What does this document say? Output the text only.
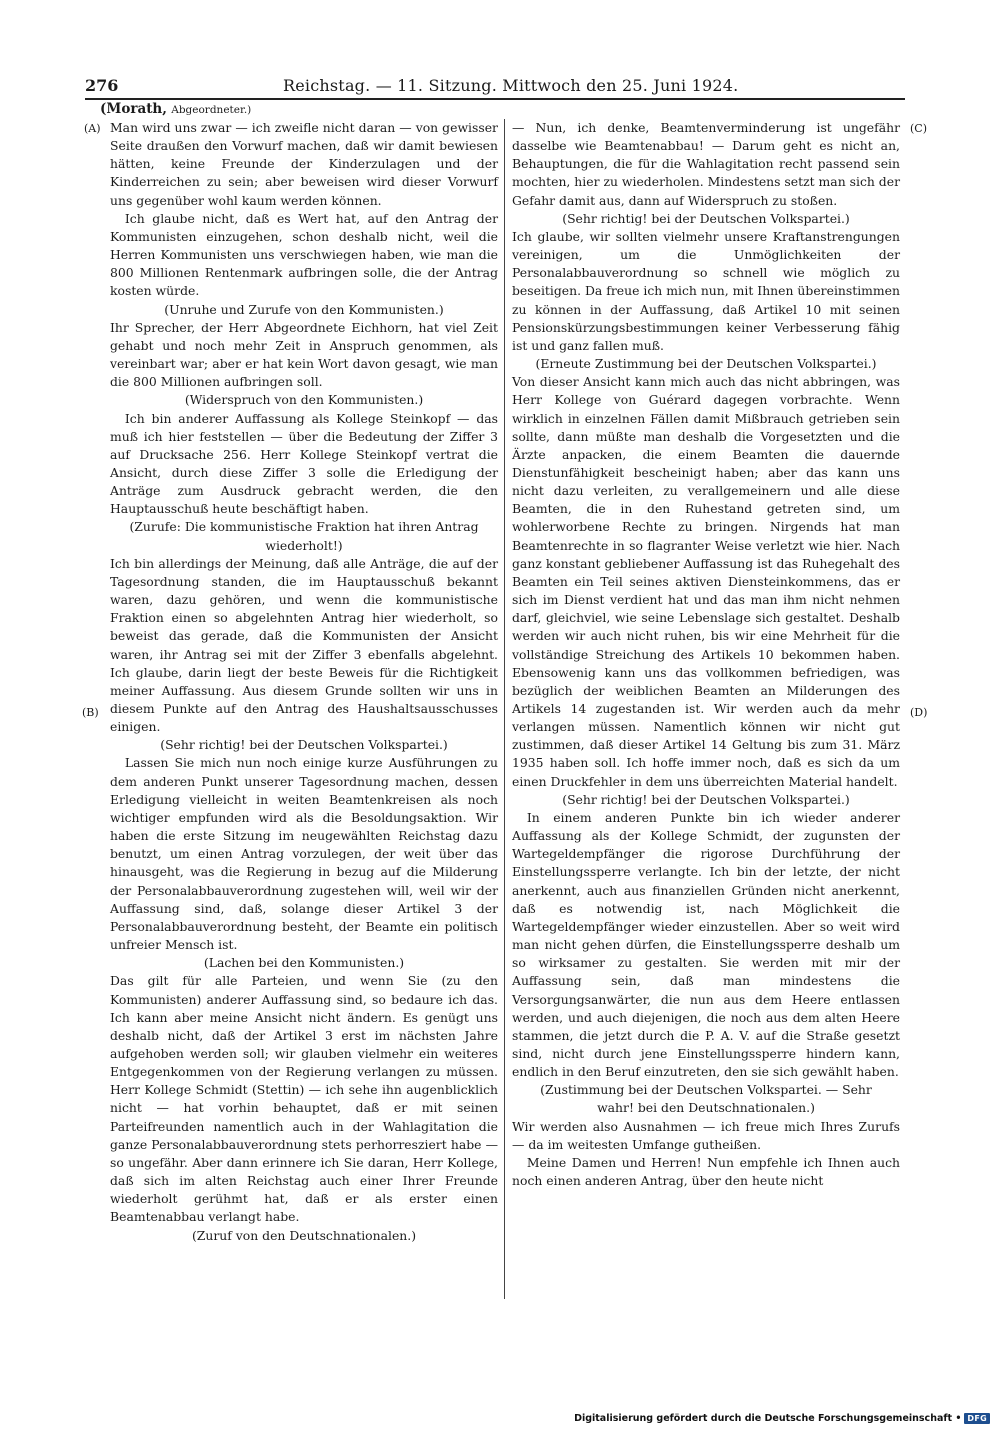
276	Reichstag. — 11. Sitzung. Mittwoch den 25. Juni 1924.
(Morath, Abgeordneter.)
(A)
(B)
(C)
(D)

Man wird uns zwar — ich zweifle nicht daran — von gewisser Seite draußen den Vorwurf machen, daß wir damit bewiesen hätten, keine Freunde der Kinderzulagen und der Kinderreichen zu sein; aber beweisen wird dieser Vorwurf uns gegenüber wohl kaum werden können.

Ich glaube nicht, daß es Wert hat, auf den Antrag der Kommunisten einzugehen, schon deshalb nicht, weil die Herren Kommunisten uns verschwiegen haben, wie man die 800 Millionen Rentenmark aufbringen solle, die der Antrag kosten würde.

(Unruhe und Zurufe von den Kommunisten.)

Ihr Sprecher, der Herr Abgeordnete Eichhorn, hat viel Zeit gehabt und noch mehr Zeit in Anspruch genommen, als vereinbart war; aber er hat kein Wort davon gesagt, wie man die 800 Millionen aufbringen soll.

(Widerspruch von den Kommunisten.)

Ich bin anderer Auffassung als Kollege Steinkopf — das muß ich hier feststellen — über die Bedeutung der Ziffer 3 auf Drucksache 256. Herr Kollege Steinkopf vertrat die Ansicht, durch diese Ziffer 3 solle die Erledigung der Anträge zum Ausdruck gebracht werden, die den Hauptausschuß heute beschäftigt haben.

(Zurufe: Die kommunistische Fraktion hat ihren Antrag wiederholt!)

Ich bin allerdings der Meinung, daß alle Anträge, die auf der Tagesordnung standen, die im Hauptausschuß bekannt waren, dazu gehören, und wenn die kommunistische Fraktion einen so abgelehnten Antrag hier wiederholt, so beweist das gerade, daß die Kommunisten der Ansicht waren, ihr Antrag sei mit der Ziffer 3 ebenfalls abgelehnt. Ich glaube, darin liegt der beste Beweis für die Richtigkeit meiner Auffassung. Aus diesem Grunde sollten wir uns in diesem Punkte auf den Antrag des Haushaltsausschusses einigen.

(Sehr richtig! bei der Deutschen Volkspartei.)

Lassen Sie mich nun noch einige kurze Ausführungen zu dem anderen Punkt unserer Tagesordnung machen, dessen Erledigung vielleicht in weiten Beamtenkreisen als noch wichtiger empfunden wird als die Besoldungsaktion. Wir haben die erste Sitzung im neugewählten Reichstag dazu benutzt, um einen Antrag vorzulegen, der weit über das hinausgeht, was die Regierung in bezug auf die Milderung der Personalabbauverordnung zugestehen will, weil wir der Auffassung sind, daß, solange dieser Artikel 3 der Personalabbauverordnung besteht, der Beamte ein politisch unfreier Mensch ist.

(Lachen bei den Kommunisten.)

Das gilt für alle Parteien, und wenn Sie (zu den Kommunisten) anderer Auffassung sind, so bedaure ich das. Ich kann aber meine Ansicht nicht ändern. Es genügt uns deshalb nicht, daß der Artikel 3 erst im nächsten Jahre aufgehoben werden soll; wir glauben vielmehr ein weiteres Entgegenkommen von der Regierung verlangen zu müssen. Herr Kollege Schmidt (Stettin) — ich sehe ihn augenblicklich nicht — hat vorhin behauptet, daß er mit seinen Parteifreunden namentlich auch in der Wahlagitation die ganze Personalabbauverordnung stets perhorresziert habe — so ungefähr. Aber dann erinnere ich Sie daran, Herr Kollege, daß sich im alten Reichstag auch einer Ihrer Freunde wiederholt gerühmt hat, daß er als erster einen Beamtenabbau verlangt habe.

(Zuruf von den Deutschnationalen.)

— Nun, ich denke, Beamtenverminderung ist ungefähr dasselbe wie Beamtenabbau! — Darum geht es nicht an, Behauptungen, die für die Wahlagitation recht passend sein mochten, hier zu wiederholen. Mindestens setzt man sich der Gefahr damit aus, dann auf Widerspruch zu stoßen.

(Sehr richtig! bei der Deutschen Volkspartei.)

Ich glaube, wir sollten vielmehr unsere Kraftanstrengungen vereinigen, um die Unmöglichkeiten der Personalabbauverordnung so schnell wie möglich zu beseitigen. Da freue ich mich nun, mit Ihnen übereinstimmen zu können in der Auffassung, daß Artikel 10 mit seinen Pensionskürzungsbestimmungen keiner Verbesserung fähig ist und ganz fallen muß.

(Erneute Zustimmung bei der Deutschen Volkspartei.)

Von dieser Ansicht kann mich auch das nicht abbringen, was Herr Kollege von Guérard dagegen vorbrachte. Wenn wirklich in einzelnen Fällen damit Mißbrauch getrieben sein sollte, dann müßte man deshalb die Vorgesetzten und die Ärzte anpacken, die einem Beamten die dauernde Dienstunfähigkeit bescheinigt haben; aber das kann uns nicht dazu verleiten, zu verallgemeinern und alle diese Beamten, die in den Ruhestand getreten sind, um wohlerworbene Rechte zu bringen. Nirgends hat man Beamtenrechte in so flagranter Weise verletzt wie hier. Nach ganz konstant gebliebener Auffassung ist das Ruhegehalt des Beamten ein Teil seines aktiven Diensteinkommens, das er sich im Dienst verdient hat und das man ihm nicht nehmen darf, gleichviel, wie seine Lebenslage sich gestaltet. Deshalb werden wir auch nicht ruhen, bis wir eine Mehrheit für die vollständige Streichung des Artikels 10 bekommen haben. Ebensowenig kann uns das vollkommen befriedigen, was bezüglich der weiblichen Beamten an Milderungen des Artikels 14 zugestanden ist. Wir werden auch da mehr verlangen müssen. Namentlich können wir nicht gut zustimmen, daß dieser Artikel 14 Geltung bis zum 31. März 1935 haben soll. Ich hoffe immer noch, daß es sich da um einen Druckfehler in dem uns überreichten Material handelt.

(Sehr richtig! bei der Deutschen Volkspartei.)

In einem anderen Punkte bin ich wieder anderer Auffassung als der Kollege Schmidt, der zugunsten der Wartegeldempfänger die rigorose Durchführung der Einstellungssperre verlangte. Ich bin der letzte, der nicht anerkennt, auch aus finanziellen Gründen nicht anerkennt, daß es notwendig ist, nach Möglichkeit die Wartegeldempfänger wieder einzustellen. Aber so weit wird man nicht gehen dürfen, die Einstellungssperre deshalb um so wirksamer zu gestalten. Sie werden mit mir der Auffassung sein, daß man mindestens die Versorgungsanwärter, die nun aus dem Heere entlassen werden, und auch diejenigen, die noch aus dem alten Heere stammen, die jetzt durch die P. A. V. auf die Straße gesetzt sind, nicht durch jene Einstellungssperre hindern kann, endlich in den Beruf einzutreten, den sie sich gewählt haben.

(Zustimmung bei der Deutschen Volkspartei. — Sehr wahr! bei den Deutschnationalen.)

Wir werden also Ausnahmen — ich freue mich Ihres Zurufs — da im weitesten Umfange gutheißen.

Meine Damen und Herren! Nun empfehle ich Ihnen auch noch einen anderen Antrag, über den heute nicht

Digitalisierung gefördert durch die Deutsche Forschungsgemeinschaft • DFG
